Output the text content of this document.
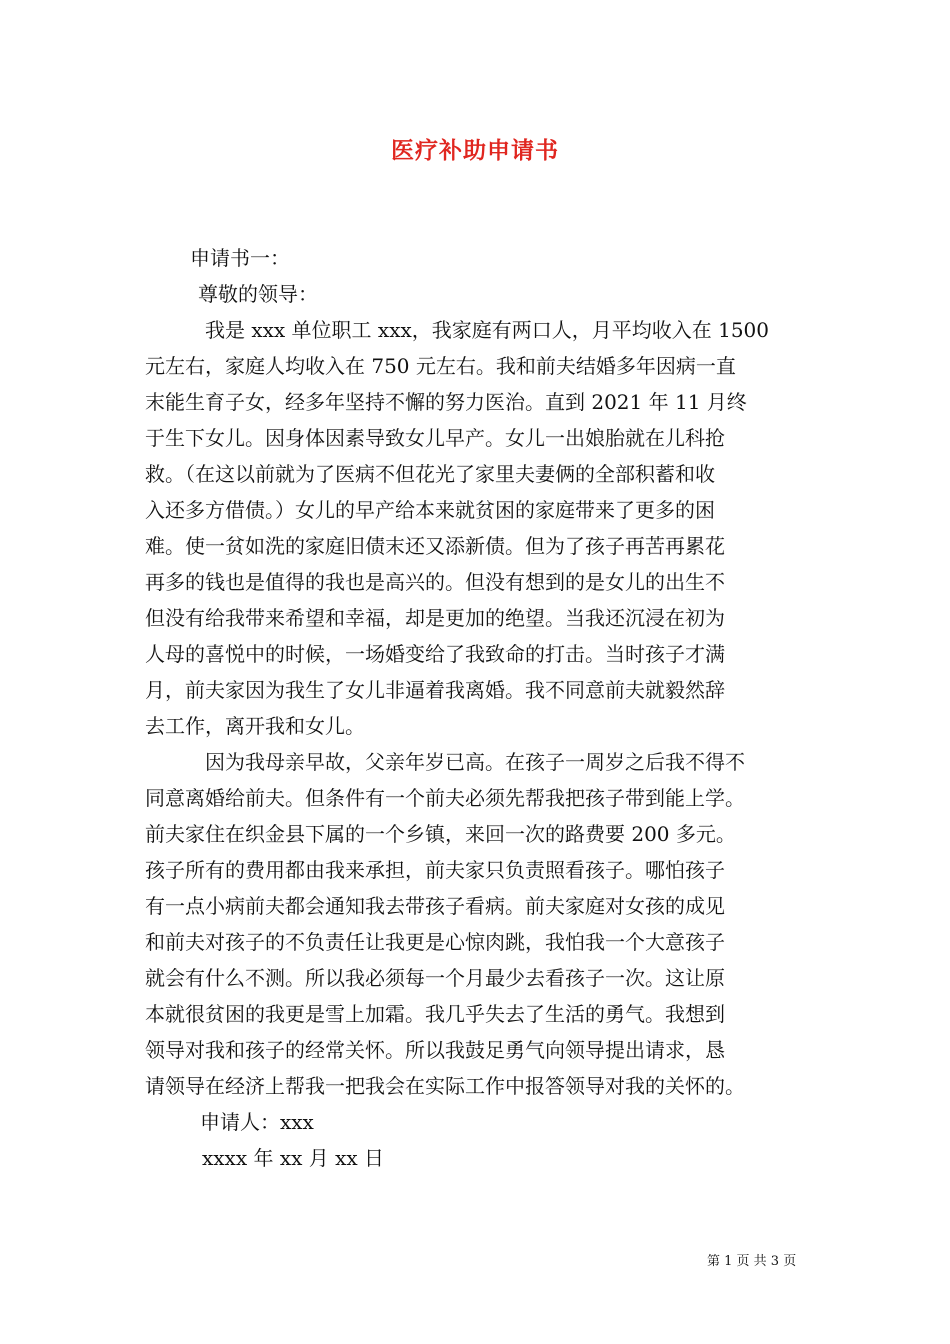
医疗补助申请书
申请书一：
尊敬的领导：
我是 xxx 单位职工 xxx，我家庭有两口人，月平均收入在 1500
元左右，家庭人均收入在 750 元左右。我和前夫结婚多年因病一直
末能生育子女，经多年坚持不懈的努力医治。直到 2021 年 11 月终
于生下女儿。因身体因素导致女儿早产。女儿一出娘胎就在儿科抢
救。（在这以前就为了医病不但花光了家里夫妻俩的全部积蓄和收
入还多方借债。）女儿的早产给本来就贫困的家庭带来了更多的困
难。使一贫如洗的家庭旧债末还又添新债。但为了孩子再苦再累花
再多的钱也是值得的我也是高兴的。但没有想到的是女儿的出生不
但没有给我带来希望和幸福，却是更加的绝望。当我还沉浸在初为
人母的喜悦中的时候，一场婚变给了我致命的打击。当时孩子才满
月，前夫家因为我生了女儿非逼着我离婚。我不同意前夫就毅然辞
去工作，离开我和女儿。
因为我母亲早故，父亲年岁已高。在孩子一周岁之后我不得不
同意离婚给前夫。但条件有一个前夫必须先帮我把孩子带到能上学。
前夫家住在织金县下属的一个乡镇，来回一次的路费要 200 多元。
孩子所有的费用都由我来承担，前夫家只负责照看孩子。哪怕孩子
有一点小病前夫都会通知我去带孩子看病。前夫家庭对女孩的成见
和前夫对孩子的不负责任让我更是心惊肉跳，我怕我一个大意孩子
就会有什么不测。所以我必须每一个月最少去看孩子一次。这让原
本就很贫困的我更是雪上加霜。我几乎失去了生活的勇气。我想到
领导对我和孩子的经常关怀。所以我鼓足勇气向领导提出请求，恳
请领导在经济上帮我一把我会在实际工作中报答领导对我的关怀的。
申请人：xxx
xxxx 年 xx 月 xx 日
第 1 页 共 3 页
